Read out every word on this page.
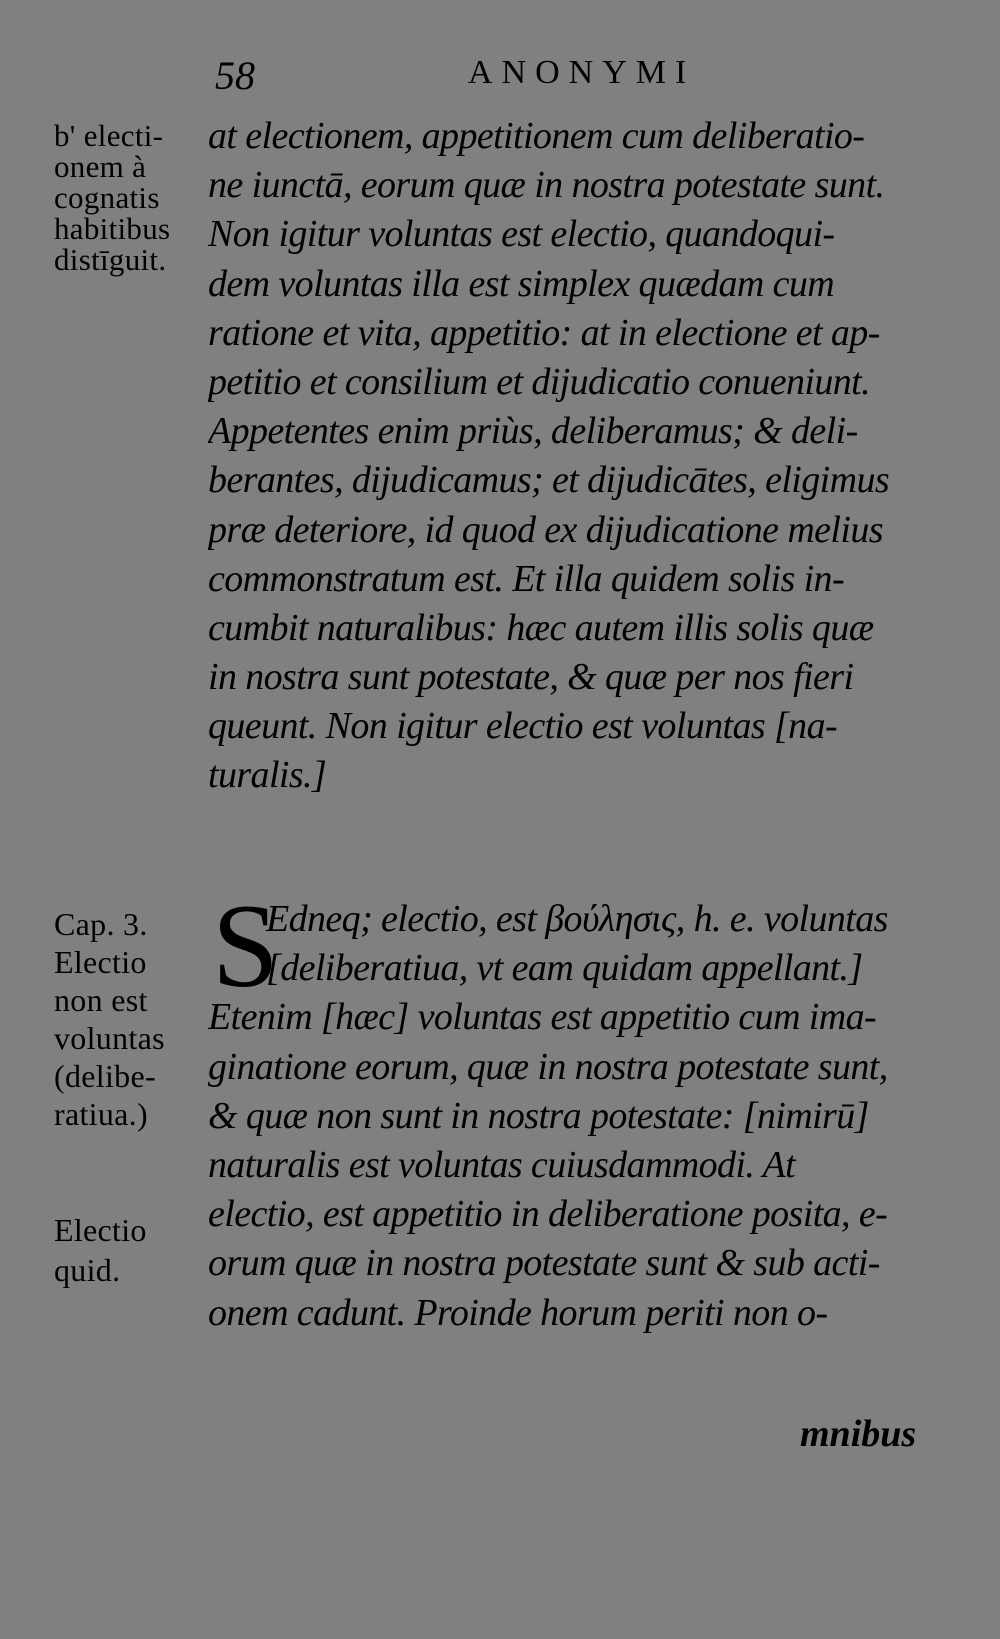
58	ANONYMI
b' electi-
onem à
cognatis
habitibus
distīguit.
Cap. 3.
Electio
non est
voluntas
(delibe-
ratiua.)
Electio
quid.
at electionem, appetitionem cum deliberatio-
ne iunctā, eorum quæ in nostra potestate sunt.
Non igitur voluntas est electio, quandoqui-
dem voluntas illa est simplex quædam cum
ratione et vita, appetitio: at in electione et ap-
petitio et consilium et dijudicatio conueniunt.
Appetentes enim priùs, deliberamus; & deli-
berantes, dijudicamus; et dijudicātes, eligimus
præ deteriore, id quod ex dijudicatione melius
commonstratum est. Et illa quidem solis in-
cumbit naturalibus: hæc autem illis solis quæ
in nostra sunt potestate, & quæ per nos fieri
queunt. Non igitur electio est voluntas [na-
turalis.]
S
Edneq; electio, est βούλησις, h. e. voluntas
[deliberatiua, vt eam quidam appellant.]
Etenim [hæc] voluntas est appetitio cum ima-
ginatione eorum, quæ in nostra potestate sunt,
& quæ non sunt in nostra potestate: [nimirū]
naturalis est voluntas cuiusdammodi. At
electio, est appetitio in deliberatione posita, e-
orum quæ in nostra potestate sunt & sub acti-
onem cadunt. Proinde horum periti non o-
mnibus
